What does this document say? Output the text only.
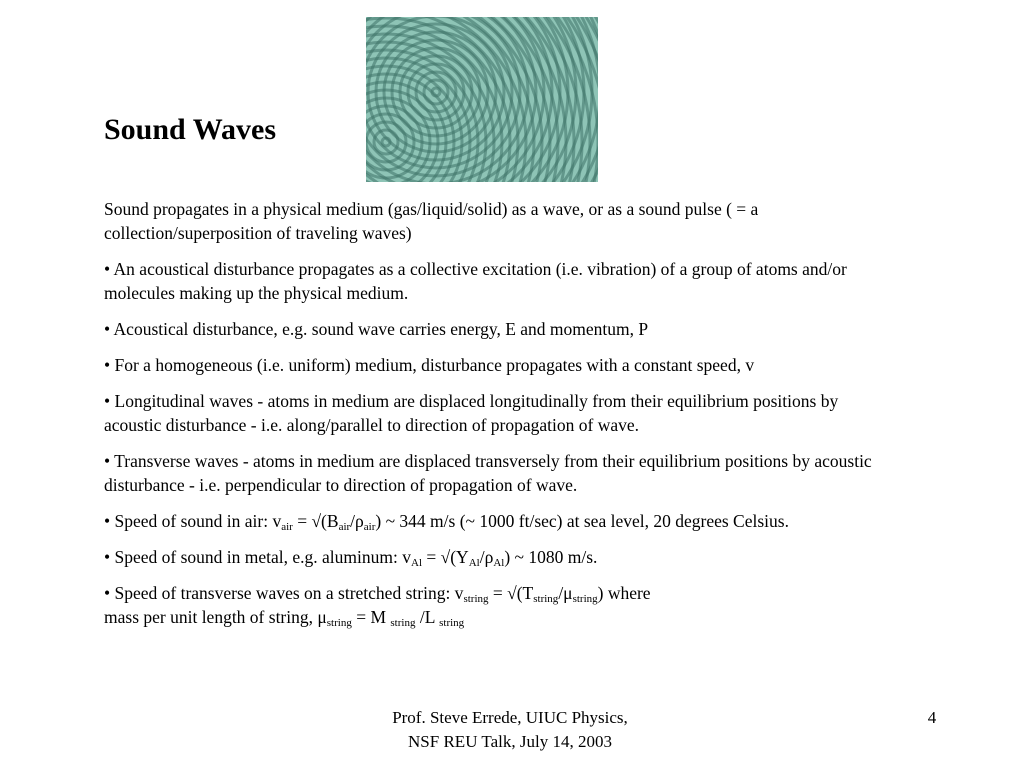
Sound Waves

Sound propagates in a physical medium (gas/liquid/solid) as a wave, or as a sound pulse ( = a collection/superposition of traveling waves)

• An acoustical disturbance propagates as a collective excitation (i.e. vibration) of a group of atoms and/or molecules making up the physical medium.

• Acoustical disturbance, e.g. sound wave carries energy, E and momentum, P

• For a homogeneous (i.e. uniform) medium, disturbance propagates with a constant speed, v

• Longitudinal waves - atoms in medium are displaced longitudinally from their equilibrium positions by acoustic disturbance - i.e. along/parallel to direction of propagation of wave.

• Transverse waves - atoms in medium are displaced transversely from their equilibrium positions by acoustic disturbance - i.e. perpendicular to direction of propagation of wave.

• Speed of sound in air: $v_{air} = √(B_{air}/\rho_{air})$ ~ 344 m/s (~ 1000 ft/sec) at sea level, 20 degrees Celsius.

• Speed of sound in metal, e.g. aluminum: $v_{Al} = √(Y_{Al}/\rho_{Al})$ ~ 1080 m/s.

• Speed of transverse waves on a stretched string: $v_{string} = √(T_{string}/\mu_{string})$ where
mass per unit length of string, $\mu_{string} = M$ $_{string}$ /L $_{string}$

Prof. Steve Errede, UIUC Physics,
NSF REU Talk, July 14, 2003
4
